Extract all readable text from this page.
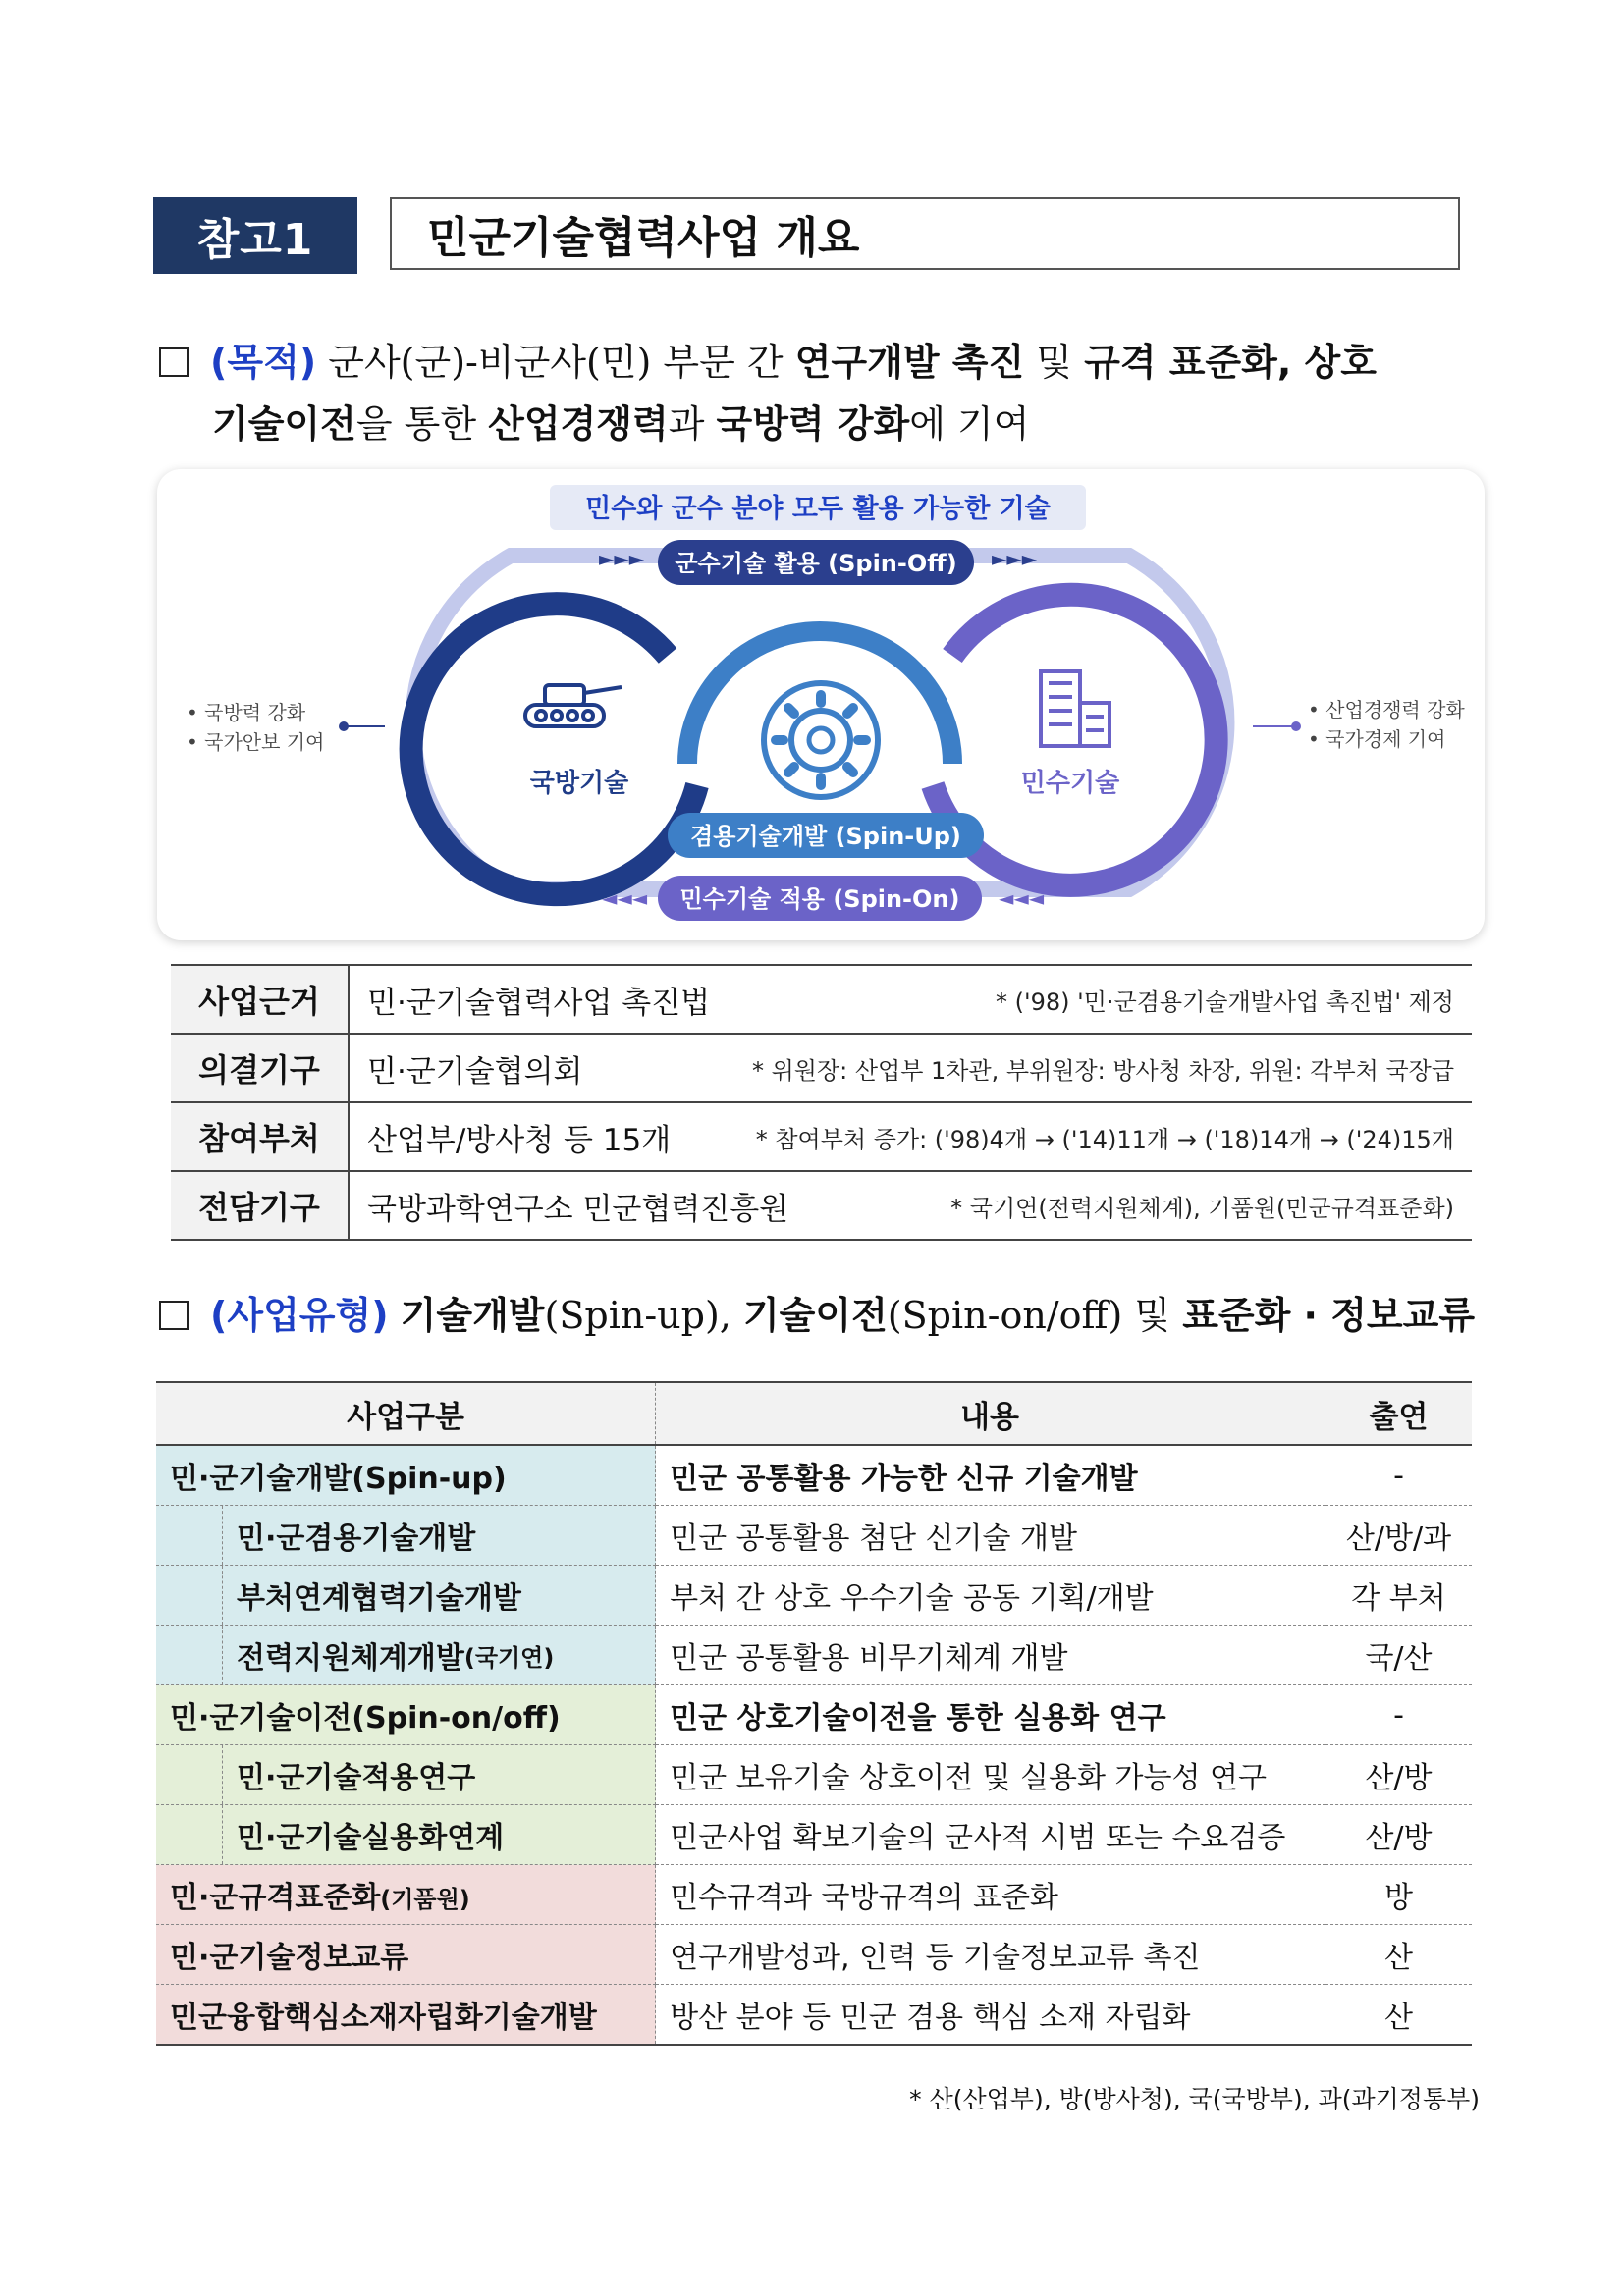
참고1	민군기술협력사업 개요
(목적) 군사(군)-비군사(민) 부문 간 연구개발 촉진 및 규격 표준화, 상호
기술이전을 통한 산업경쟁력과 국방력 강화에 기여
민수와 군수 분야 모두 활용 가능한 기술
국방기술	민수기술
►►► 군수기술 활용 (Spin-Off) ►►►
겸용기술개발 (Spin-Up)
◄◄◄ 민수기술 적용 (Spin-On) ◄◄◄
• 국방력 강화
• 국가안보 기여
• 산업경쟁력 강화
• 국가경제 기여
사업근거	민·군기술협력사업 촉진법 * ('98) '민·군겸용기술개발사업 촉진법' 제정

의결기구	민·군기술협의회 * 위원장: 산업부 1차관, 부위원장: 방사청 차장, 위원: 각부처 국장급

참여부처	산업부/방사청 등 15개 * 참여부처 증가: ('98)4개 → ('14)11개 → ('18)14개 → ('24)15개

전담기구	국방과학연구소 민군협력진흥원 * 국기연(전력지원체계), 기품원(민군규격표준화)
(사업유형) 기술개발(Spin-up), 기술이전(Spin-on/off) 및 표준화 · 정보교류
사업구분	내용	출연
민·군기술개발(Spin-up)	민군 공통활용 가능한 신규 기술개발	-

민·군겸용기술개발	민군 공통활용 첨단 신기술 개발	산/방/과

부처연계협력기술개발	부처 간 상호 우수기술 공동 기획/개발	각 부처

전력지원체계개발 (국기연)	민군 공통활용 비무기체계 개발	국/산
민·군기술이전(Spin-on/off)	민군 상호기술이전을 통한 실용화 연구	-

민·군기술적용연구	민군 보유기술 상호이전 및 실용화 가능성 연구	산/방

민·군기술실용화연계	민군사업 확보기술의 군사적 시범 또는 수요검증	산/방
민·군규격표준화(기품원)	민수규격과 국방규격의 표준화	방
민·군기술정보교류	연구개발성과, 인력 등 기술정보교류 촉진	산
민군융합핵심소재자립화기술개발	방산 분야 등 민군 겸용 핵심 소재 자립화	산
* 산(산업부), 방(방사청), 국(국방부), 과(과기정통부)
